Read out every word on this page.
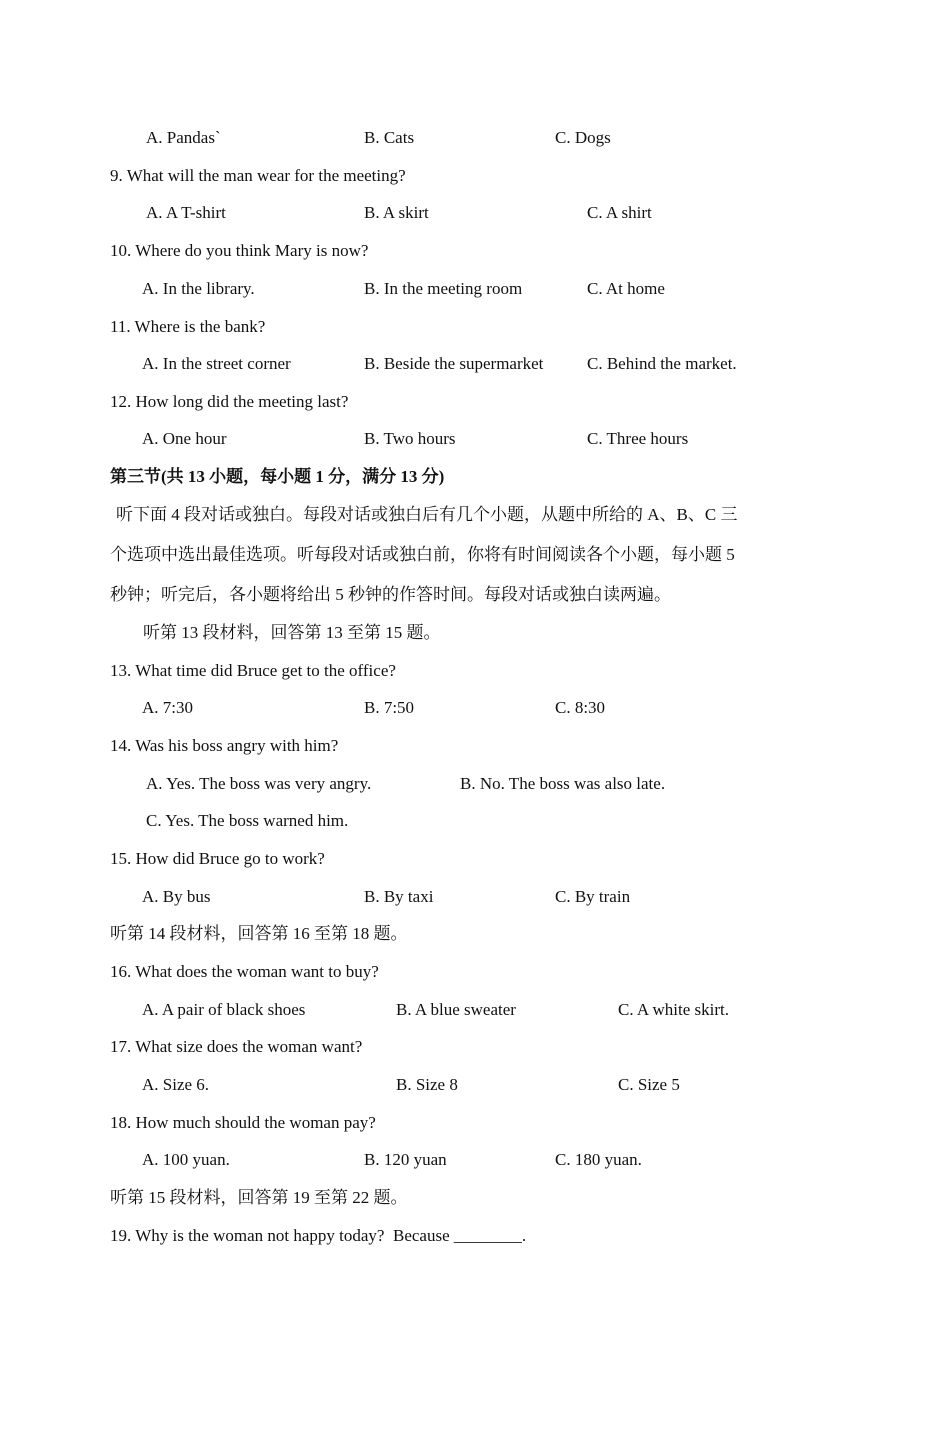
A. Pandas`	B. Cats	C. Dogs
9. What will the man wear for the meeting?
A. A T-shirt	B. A skirt	C. A shirt
10. Where do you think Mary is now?
A. In the library.	B. In the meeting room	C. At home
11. Where is the bank?
A. In the street corner	B. Beside the supermarket	C. Behind the market.
12. How long did the meeting last?
A. One hour	B. Two hours	C. Three hours
第三节(共 13 小题，每小题 1 分，满分 13 分)
听下面 4 段对话或独白。每段对话或独白后有几个小题，从题中所给的 A、B、C 三
个选项中选出最佳选项。听每段对话或独白前，你将有时间阅读各个小题，每小题 5
秒钟；听完后，各小题将给出 5 秒钟的作答时间。每段对话或独白读两遍。
听第 13 段材料，回答第 13 至第 15 题。
13. What time did Bruce get to the office?
A. 7:30	B. 7:50	C. 8:30
14. Was his boss angry with him?
A. Yes. The boss was very angry.	B. No. The boss was also late.
C. Yes. The boss warned him.
15. How did Bruce go to work?
A. By bus	B. By taxi	C. By train
听第 14 段材料，回答第 16 至第 18 题。
16. What does the woman want to buy?
A. A pair of black shoes	B. A blue sweater	C. A white skirt.
17. What size does the woman want?
A. Size 6.	B. Size 8	C. Size 5
18. How much should the woman pay?
A. 100 yuan.	B. 120 yuan	C. 180 yuan.
听第 15 段材料，回答第 19 至第 22 题。
19. Why is the woman not happy today?  Because ________.
